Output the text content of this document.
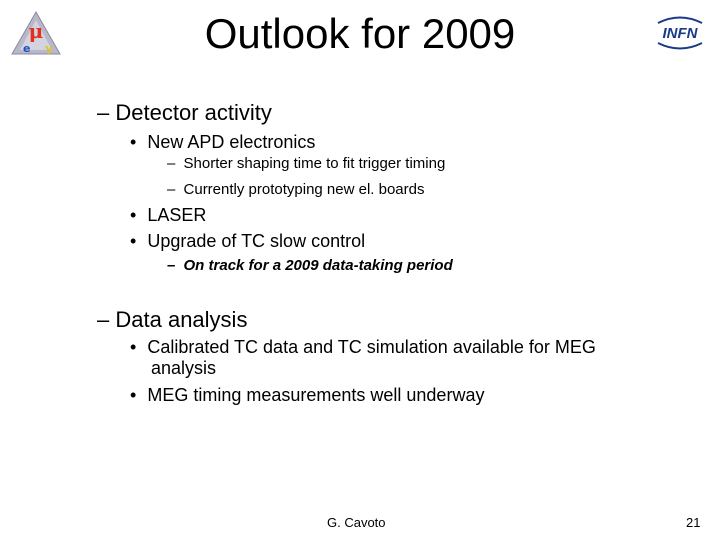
μ
e γ	Outlook for 2009	INFN
– Detector activity
• New APD electronics
– Shorter shaping time to fit trigger timing
– Currently prototyping new el. boards
• LASER
• Upgrade of TC slow control
– On track for a 2009 data-taking period
– Data analysis
• Calibrated TC data and TC simulation available for MEG
analysis
• MEG timing measurements well underway
G. Cavoto	21
